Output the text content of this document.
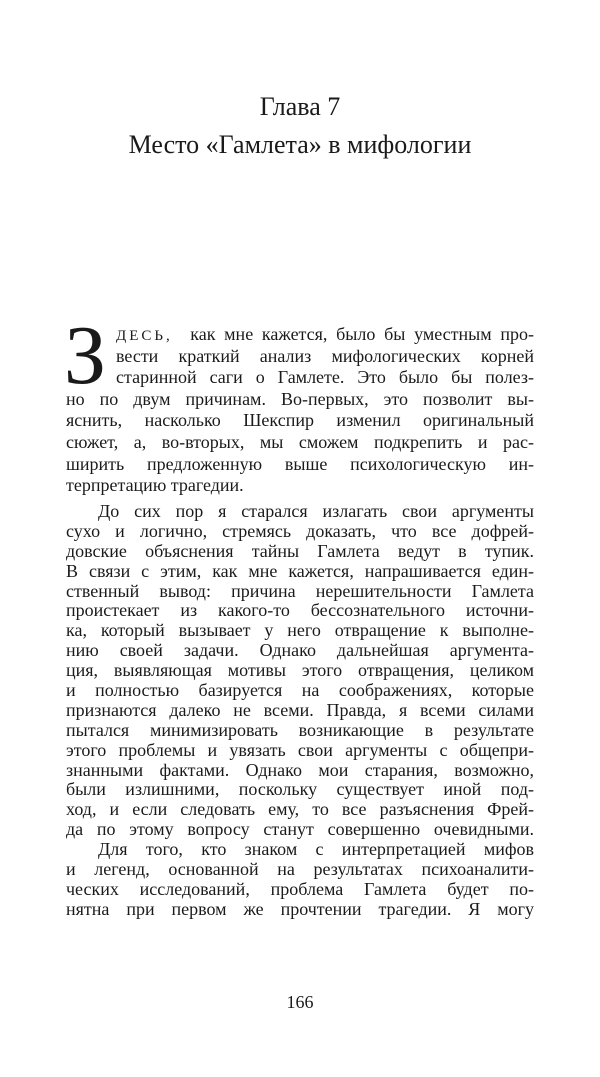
Глава 7
Место «Гамлета» в мифологии
З ДЕСЬ, как мне кажется, было бы уместным про-
вести краткий анализ мифологических корней
старинной саги о Гамлете. Это было бы полез-
но по двум причинам. Во-первых, это позволит вы-
яснить, насколько Шекспир изменил оригинальный
сюжет, а, во-вторых, мы сможем подкрепить и рас-
ширить предложенную выше психологическую ин-
терпретацию трагедии.
До сих пор я старался излагать свои аргументы
сухо и логично, стремясь доказать, что все дофрей-
довские объяснения тайны Гамлета ведут в тупик.
В связи с этим, как мне кажется, напрашивается един-
ственный вывод: причина нерешительности Гамлета
проистекает из какого-то бессознательного источни-
ка, который вызывает у него отвращение к выполне-
нию своей задачи. Однако дальнейшая аргумента-
ция, выявляющая мотивы этого отвращения, целиком
и полностью базируется на соображениях, которые
признаются далеко не всеми. Правда, я всеми силами
пытался минимизировать возникающие в результате
этого проблемы и увязать свои аргументы с общепри-
знанными фактами. Однако мои старания, возможно,
были излишними, поскольку существует иной под-
ход, и если следовать ему, то все разъяснения Фрей-
да по этому вопросу станут совершенно очевидными.
Для того, кто знаком с интерпретацией мифов
и легенд, основанной на результатах психоаналити-
ческих исследований, проблема Гамлета будет по-
нятна при первом же прочтении трагедии. Я могу
166
